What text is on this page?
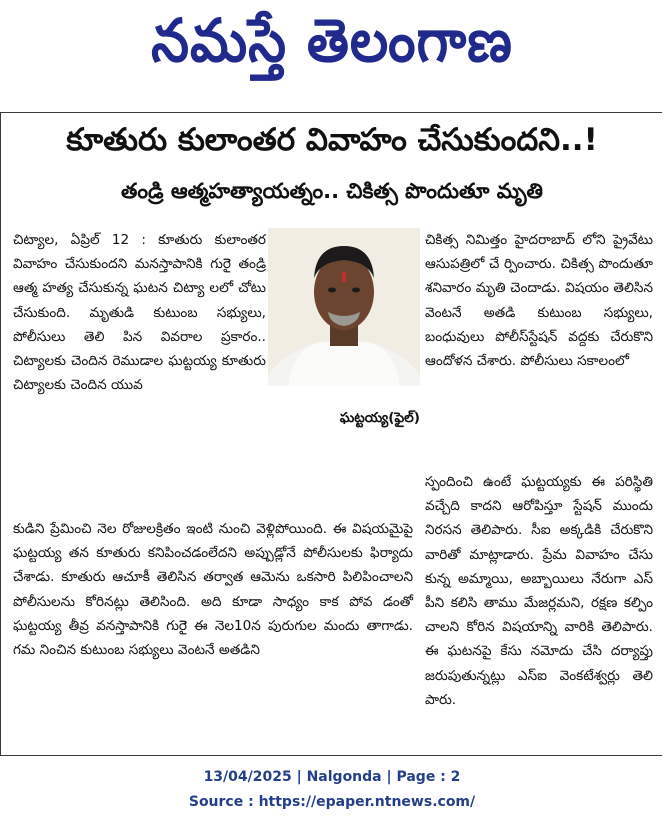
నమస్తే తెలంగాణ
కూతురు కులాంతర వివాహం చేసుకుందని..!
తండ్రి ఆత్మహత్యాయత్నం.. చికిత్స పొందుతూ మృతి

చిట్యాల, ఏప్రిల్ 12 : కూతురు కులాంతర వివాహం చేసుకుందని మనస్తాపానికి గురైె తండ్రి ఆత్మ హత్య చేసుకున్న ఘటన చిట్యా లలో చోటు చేసుకుంది. మృతుడి కుటుంబ సభ్యులు, పోలీసులు తెలి పిన వివరాల ప్రకారం.. చిట్యాలకు చెందిన రెముడాల ఘట్టయ్య కూతురు చిట్యాలకు చెందిన యువ

ఘట్టయ్య(ఫైల్)

కుడిని ప్రేమించి నెల రోజులక్రితం ఇంటి నుంచి వెళ్లిపోయింది. ఈ విషయమైపై ఘట్టయ్య తన కూతురు కనిపించడంలేదని అప్పుడ్లోనే పోలీసులకు ఫిర్యాదు చేశాడు. కూతురు ఆచూకీ తెలిసిన తర్వాత ఆమెను ఒకసారి పిలిపించాలని పోలీసులను కోరినట్లు తెలిసింది. అది కూడా సాధ్యం కాక పోవ డంతో ఘట్టయ్య తీవ్ర వనస్తాపానికి గురైె ఈ నెల10న పురుగుల మందు తాగాడు. గమ నించిన కుటుంబ సభ్యులు వెంటనే అతడిని

చికిత్స నిమిత్తం హైదరాబాద్ లోని ప్రైవేటు ఆసుపత్రిలో చే ర్పించారు. చికిత్స పొందుతూ శనివారం మృతి చెందాడు. విషయం తెలిసిన వెంటనే అతడి కుటుంబ సభ్యులు, బంధువులు పోలీస్‌స్టేషన్ వద్దకు చేరుకొని ఆందోళన చేశారు. పోలీసులు సకాలంలో

స్పందించి ఉంటే ఘట్టయ్యకు ఈ పరిస్థితి వచ్చేది కాదని ఆరోపిస్తూ స్టేషన్ ముందు నిరసన తెలిపారు. సీఐ అక్కడికి చేరుకొని వారితో మాట్లాడారు. ప్రేమ వివాహం చేసు కున్న అమ్మాయి, అబ్బాయిలు నేరుగా ఎస్ పీని కలిసి తాము మేజర్లమని, రక్షణ కల్పిం చాలని కోరిన విషయాన్ని వారికి తెలిపారు. ఈ ఘటనపై కేసు నమోదు చేసి దర్యాప్తు జరుపుతున్నట్లు ఎస్ఐ వెంకటేశ్వర్లు తెలి పారు.

13/04/2025 | Nalgonda | Page : 2
Source : https://epaper.ntnews.com/
